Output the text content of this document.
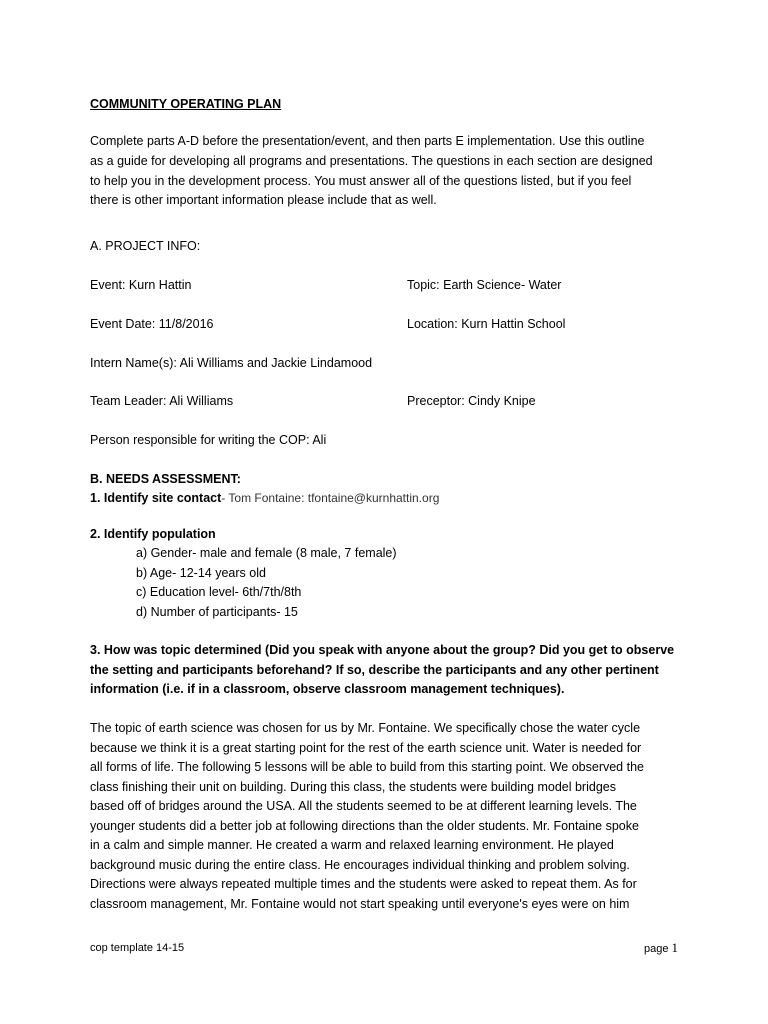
COMMUNITY OPERATING PLAN
Complete parts A-D before the presentation/event, and then parts E implementation. Use this outline
as a guide for developing all programs and presentations. The questions in each section are designed
to help you in the development process. You must answer all of the questions listed, but if you feel
there is other important information please include that as well.
A. PROJECT INFO:
Event: Kurn Hattin	Topic: Earth Science- Water
Event Date: 11/8/2016	Location: Kurn Hattin School
Intern Name(s): Ali Williams and Jackie Lindamood
Team Leader: Ali Williams	Preceptor: Cindy Knipe
Person responsible for writing the COP: Ali
B. NEEDS ASSESSMENT:
1. Identify site contact- Tom Fontaine: tfontaine@kurnhattin.org
2. Identify population
a) Gender- male and female (8 male, 7 female)
b) Age- 12-14 years old
c) Education level- 6th/7th/8th
d) Number of participants- 15
3. How was topic determined (Did you speak with anyone about the group? Did you get to observe
the setting and participants beforehand? If so, describe the participants and any other pertinent
information (i.e. if in a classroom, observe classroom management techniques).
The topic of earth science was chosen for us by Mr. Fontaine. We specifically chose the water cycle
because we think it is a great starting point for the rest of the earth science unit. Water is needed for
all forms of life. The following 5 lessons will be able to build from this starting point. We observed the
class finishing their unit on building. During this class, the students were building model bridges
based off of bridges around the USA. All the students seemed to be at different learning levels. The
younger students did a better job at following directions than the older students. Mr. Fontaine spoke
in a calm and simple manner. He created a warm and relaxed learning environment. He played
background music during the entire class. He encourages individual thinking and problem solving.
Directions were always repeated multiple times and the students were asked to repeat them. As for
classroom management, Mr. Fontaine would not start speaking until everyone's eyes were on him
cop template 14-15	page 1
